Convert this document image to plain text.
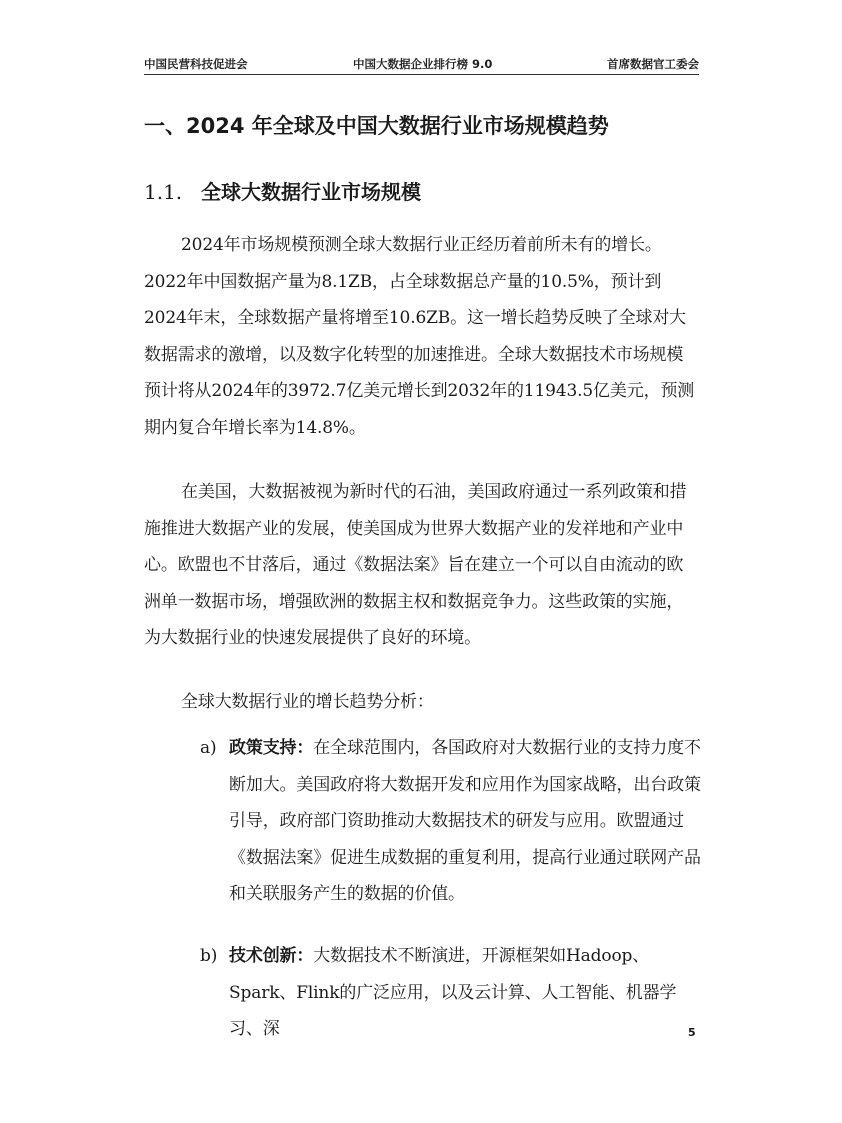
中国民营科技促进会	中国大数据企业排行榜 9.0	首席数据官工委会
一、2024 年全球及中国大数据行业市场规模趋势
1.1. 全球大数据行业市场规模

2024年市场规模预测全球大数据行业正经历着前所未有的增长。2022年中国数据产量为8.1ZB，占全球数据总产量的10.5%，预计到2024年末，全球数据产量将增至10.6ZB。这一增长趋势反映了全球对大数据需求的激增，以及数字化转型的加速推进。全球大数据技术市场规模预计将从2024年的3972.7亿美元增长到2032年的11943.5亿美元，预测期内复合年增长率为14.8%。

在美国，大数据被视为新时代的石油，美国政府通过一系列政策和措施推进大数据产业的发展，使美国成为世界大数据产业的发祥地和产业中心。欧盟也不甘落后，通过《数据法案》旨在建立一个可以自由流动的欧洲单一数据市场，增强欧洲的数据主权和数据竞争力。这些政策的实施，为大数据行业的快速发展提供了良好的环境。

全球大数据行业的增长趋势分析：

a) 政策支持：在全球范围内，各国政府对大数据行业的支持力度不断加大。美国政府将大数据开发和应用作为国家战略，出台政策引导，政府部门资助推动大数据技术的研发与应用。欧盟通过《数据法案》促进生成数据的重复利用，提高行业通过联网产品和关联服务产生的数据的价值。
b) 技术创新：大数据技术不断演进，开源框架如Hadoop、Spark、Flink的广泛应用，以及云计算、人工智能、机器学习、深	5
